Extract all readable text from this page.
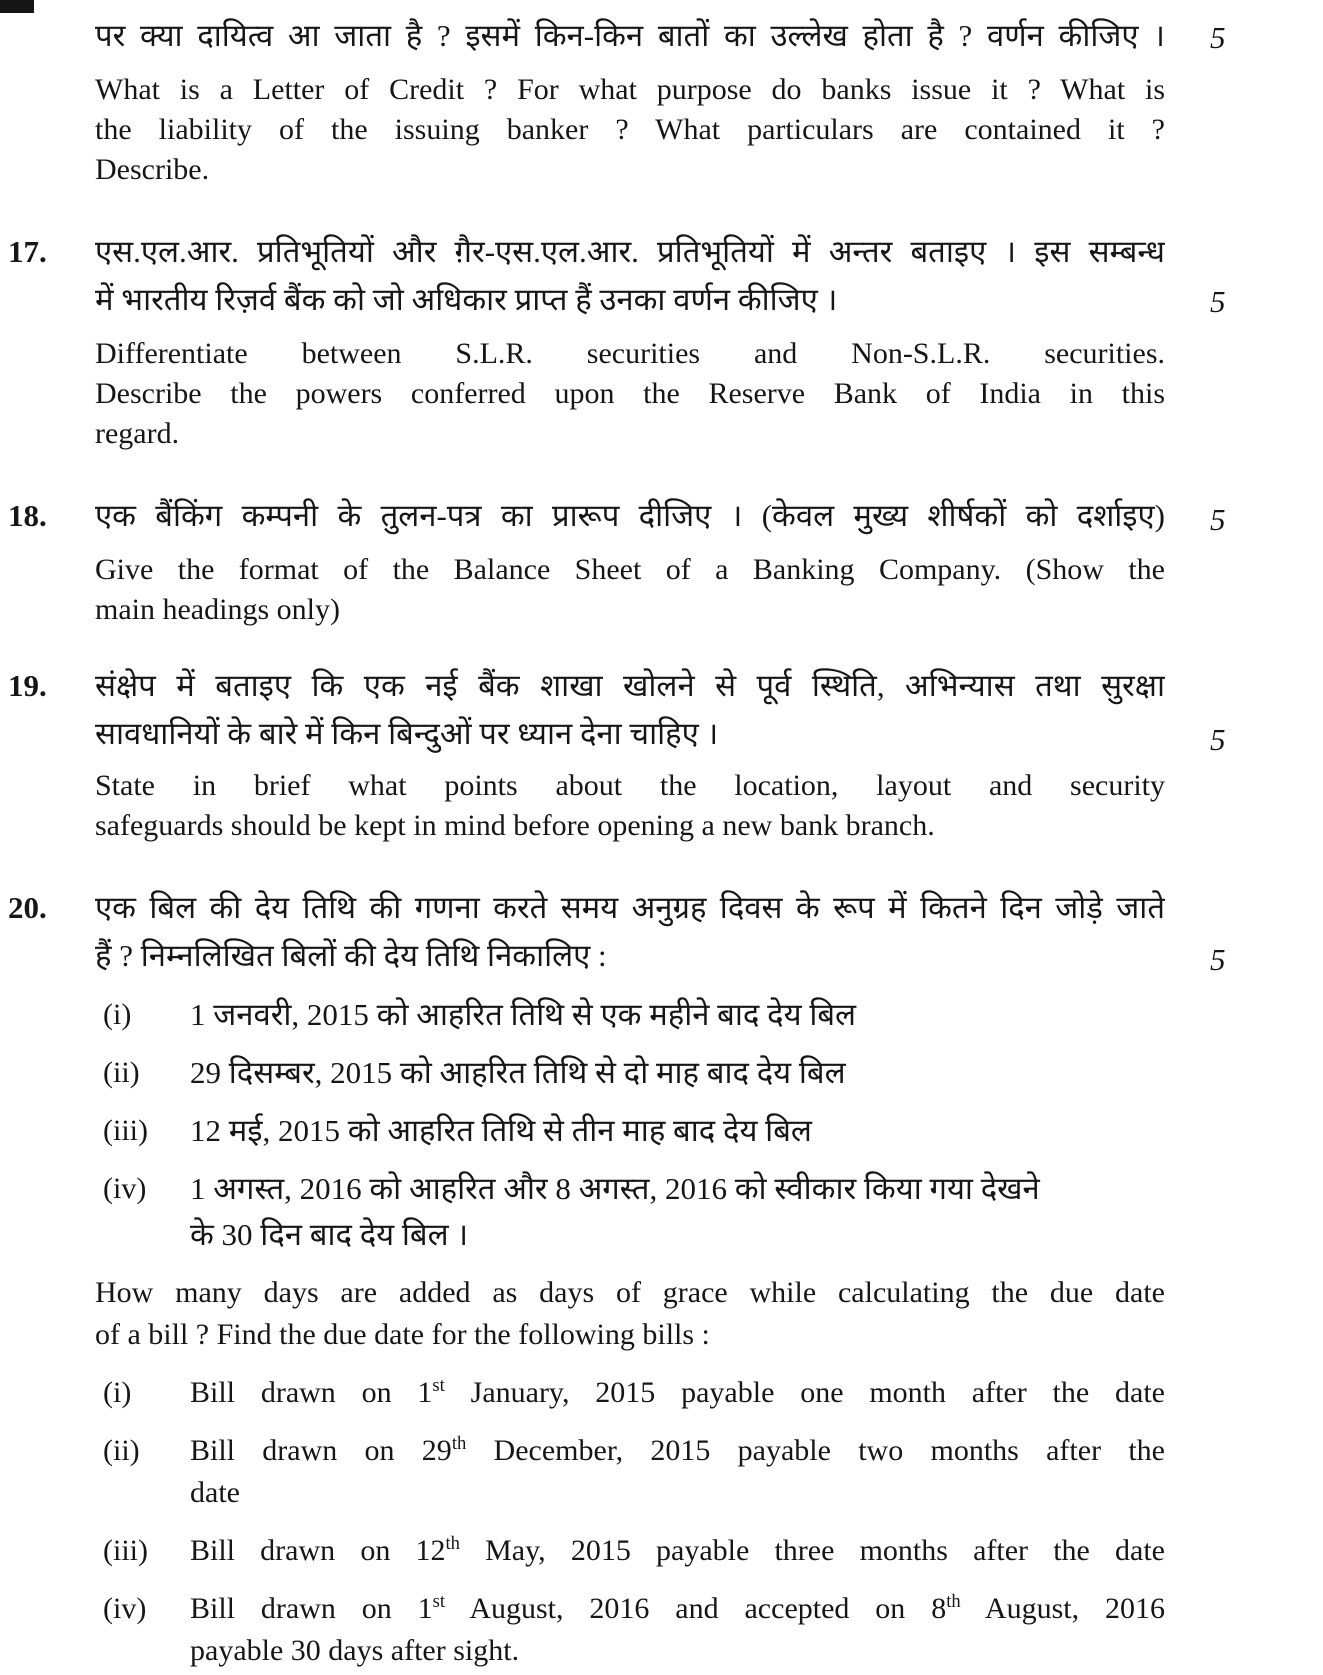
5
पर क्या दायित्व आ जाता है ? इसमें किन-किन बातों का उल्लेख होता है ? वर्णन कीजिए ।
What is a Letter of Credit ? For what purpose do banks issue it ? What is
the liability of the issuing banker ? What particulars are contained it ?
Describe.
5
17.	एस.एल.आर. प्रतिभूतियों और ग़ैर-एस.एल.आर. प्रतिभूतियों में अन्तर बताइए । इस सम्बन्ध
में भारतीय रिज़र्व बैंक को जो अधिकार प्राप्त हैं उनका वर्णन कीजिए ।
Differentiate between S.L.R. securities and Non-S.L.R. securities.
Describe the powers conferred upon the Reserve Bank of India in this
regard.
5
18.	एक बैंकिंग कम्पनी के तुलन-पत्र का प्रारूप दीजिए । (केवल मुख्य शीर्षकों को दर्शाइए)
Give the format of the Balance Sheet of a Banking Company. (Show the
main headings only)
5
19.	संक्षेप में बताइए कि एक नई बैंक शाखा खोलने से पूर्व स्थिति, अभिन्यास तथा सुरक्षा
सावधानियों के बारे में किन बिन्दुओं पर ध्यान देना चाहिए ।
State in brief what points about the location, layout and security
safeguards should be kept in mind before opening a new bank branch.
5
20.	एक बिल की देय तिथि की गणना करते समय अनुग्रह दिवस के रूप में कितने दिन जोड़े जाते
हैं ? निम्नलिखित बिलों की देय तिथि निकालिए :
(i)	1 जनवरी, 2015 को आहरित तिथि से एक महीने बाद देय बिल
(ii)	29 दिसम्बर, 2015 को आहरित तिथि से दो माह बाद देय बिल
(iii)	12 मई, 2015 को आहरित तिथि से तीन माह बाद देय बिल
(iv)	1 अगस्त, 2016 को आहरित और 8 अगस्त, 2016 को स्वीकार किया गया देखने
के 30 दिन बाद देय बिल ।
How many days are added as days of grace while calculating the due date
of a bill ? Find the due date for the following bills :
(i)	Bill drawn on 1st January, 2015 payable one month after the date
(ii)	Bill drawn on 29th December, 2015 payable two months after the
date
(iii)	Bill drawn on 12th May, 2015 payable three months after the date
(iv)	Bill drawn on 1st August, 2016 and accepted on 8th August, 2016
payable 30 days after sight.
